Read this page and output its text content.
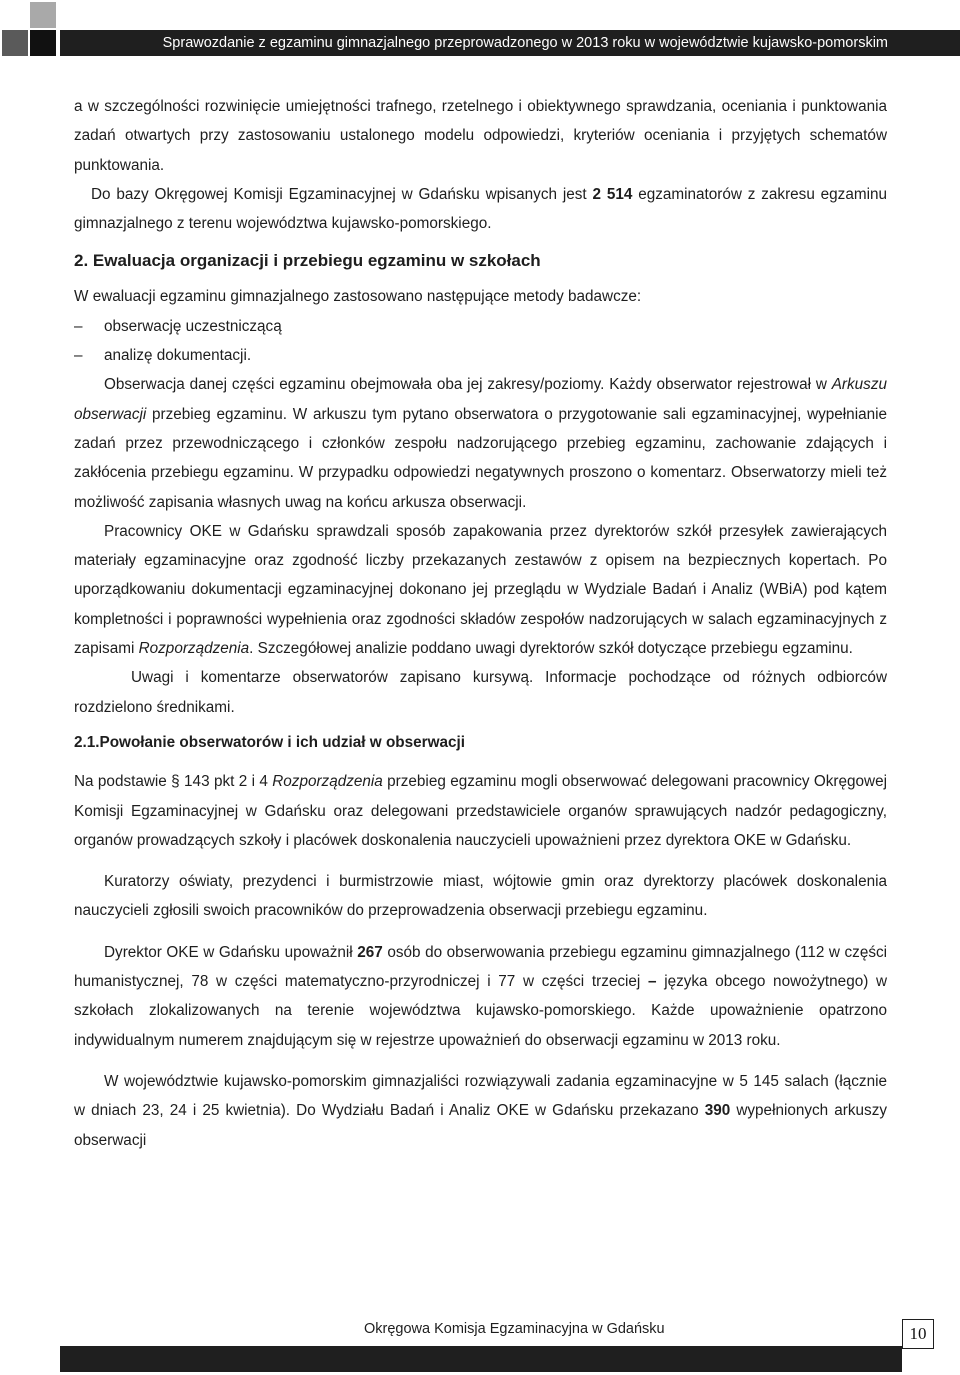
Sprawozdanie z egzaminu gimnazjalnego przeprowadzonego w 2013 roku w województwie kujawsko-pomorskim

a w szczególności rozwinięcie umiejętności trafnego, rzetelnego i obiektywnego sprawdzania, oceniania i punktowania zadań otwartych przy zastosowaniu ustalonego modelu odpowiedzi, kryteriów oceniania i przyjętych schematów punktowania.

Do bazy Okręgowej Komisji Egzaminacyjnej w Gdańsku wpisanych jest 2 514 egzaminatorów z zakresu egzaminu gimnazjalnego z terenu województwa kujawsko-pomorskiego.

2. Ewaluacja organizacji i przebiegu egzaminu w szkołach

W ewaluacji egzaminu gimnazjalnego zastosowano następujące metody badawcze:

– obserwację uczestniczącą
– analizę dokumentacji.

Obserwacja danej części egzaminu obejmowała oba jej zakresy/poziomy. Każdy obserwator rejestrował w Arkuszu obserwacji przebieg egzaminu. W arkuszu tym pytano obserwatora o przygotowanie sali egzaminacyjnej, wypełnianie zadań przez przewodniczącego i członków zespołu nadzorującego przebieg egzaminu, zachowanie zdających i zakłócenia przebiegu egzaminu. W przypadku odpowiedzi negatywnych proszono o komentarz. Obserwatorzy mieli też możliwość zapisania własnych uwag na końcu arkusza obserwacji.

Pracownicy OKE w Gdańsku sprawdzali sposób zapakowania przez dyrektorów szkół przesyłek zawierających materiały egzaminacyjne oraz zgodność liczby przekazanych zestawów z opisem na bezpiecznych kopertach. Po uporządkowaniu dokumentacji egzaminacyjnej dokonano jej przeglądu w Wydziale Badań i Analiz (WBiA) pod kątem kompletności i poprawności wypełnienia oraz zgodności składów zespołów nadzorujących w salach egzaminacyjnych z zapisami Rozporządzenia. Szczegółowej analizie poddano uwagi dyrektorów szkół dotyczące przebiegu egzaminu.

Uwagi i komentarze obserwatorów zapisano kursywą. Informacje pochodzące od różnych odbiorców rozdzielono średnikami.

2.1.Powołanie obserwatorów i ich udział w obserwacji

Na podstawie § 143 pkt 2 i 4 Rozporządzenia przebieg egzaminu mogli obserwować delegowani pracownicy Okręgowej Komisji Egzaminacyjnej w Gdańsku oraz delegowani przedstawiciele organów sprawujących nadzór pedagogiczny, organów prowadzących szkoły i placówek doskonalenia nauczycieli upoważnieni przez dyrektora OKE w Gdańsku.

Kuratorzy oświaty, prezydenci i burmistrzowie miast, wójtowie gmin oraz dyrektorzy placówek doskonalenia nauczycieli zgłosili swoich pracowników do przeprowadzenia obserwacji przebiegu egzaminu.

Dyrektor OKE w Gdańsku upoważnił 267 osób do obserwowania przebiegu egzaminu gimnazjalnego (112 w części humanistycznej, 78 w części matematyczno-przyrodniczej i 77 w części trzeciej – języka obcego nowożytnego) w szkołach zlokalizowanych na terenie województwa kujawsko-pomorskiego. Każde upoważnienie opatrzono indywidualnym numerem znajdującym się w rejestrze upoważnień do obserwacji egzaminu w 2013 roku.

W województwie kujawsko-pomorskim gimnazjaliści rozwiązywali zadania egzaminacyjne w 5 145 salach (łącznie w dniach 23, 24 i 25 kwietnia). Do Wydziału Badań i Analiz OKE w Gdańsku przekazano 390 wypełnionych arkuszy obserwacji

Okręgowa Komisja Egzaminacyjna w Gdańsku	10
